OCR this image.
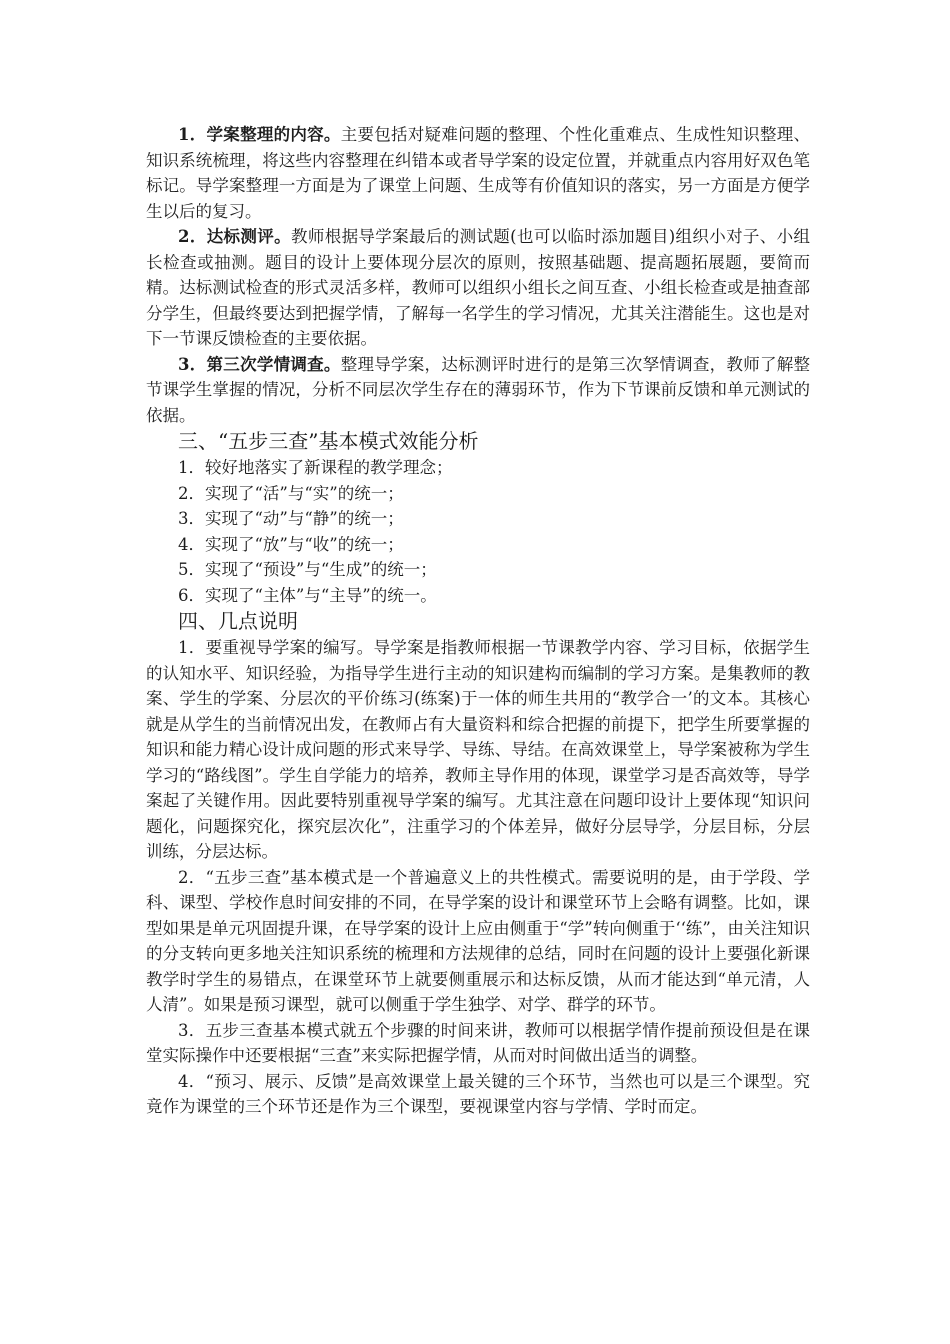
1．学案整理的内容。主要包括对疑难问题的整理、个性化重难点、生成性知识整理、知识系统梳理，将这些内容整理在纠错本或者导学案的设定位置，并就重点内容用好双色笔标记。导学案整理一方面是为了课堂上问题、生成等有价值知识的落实，另一方面是方便学生以后的复习。

2．达标测评。教师根据导学案最后的测试题(也可以临时添加题目)组织小对子、小组长检查或抽测。题目的设计上要体现分层次的原则，按照基础题、提高题拓展题，要简而精。达标测试检查的形式灵活多样，教师可以组织小组长之间互查、小组长检查或是抽查部分学生，但最终要达到把握学情，了解每一名学生的学习情况，尤其关注潜能生。这也是对下一节课反馈检查的主要依据。

3．第三次学情调查。整理导学案，达标测评时进行的是第三次孥情调查，教师了解整节课学生掌握的情况，分析不同层次学生存在的薄弱环节，作为下节课前反馈和单元测试的依据。

三、“五步三查”基本模式效能分析

1．较好地落实了新课程的教学理念；

2．实现了“活”与“实”的统一；

3．实现了“动”与“静”的统一；

4．实现了“放”与“收”的统一；

5．实现了“预设”与“生成”的统一；

6．实现了“主体”与“主导”的统一。

四、几点说明

1．要重视导学案的编写。导学案是指教师根据一节课教学内容、学习目标，依据学生的认知水平、知识经验，为指导学生进行主动的知识建构而编制的学习方案。是集教师的教案、学生的学案、分层次的平价练习(练案)于一体的师生共用的“教学合一’的文本。其核心就是从学生的当前情况出发，在教师占有大量资料和综合把握的前提下，把学生所要掌握的知识和能力精心设计成问题的形式来导学、导练、导结。在高效课堂上，导学案被称为学生学习的“路线图”。学生自学能力的培养，教师主导作用的体现，课堂学习是否高效等，导学案起了关键作用。因此要特别重视导学案的编写。尤其注意在问题印设计上要体现“知识问题化，问题探究化，探究层次化”，注重学习的个体差异，做好分层导学，分层目标，分层训练，分层达标。

2．“五步三查”基本模式是一个普遍意义上的共性模式。需要说明的是，由于学段、学科、课型、学校作息时间安排的不同，在导学案的设计和课堂环节上会略有调整。比如，课型如果是单元巩固提升课，在导学案的设计上应由侧重于“学”转向侧重于‘‘练”，由关注知识的分支转向更多地关注知识系统的梳理和方法规律的总结，同时在问题的设计上要强化新课教学时学生的易错点，在课堂环节上就要侧重展示和达标反馈，从而才能达到“单元清，人人清”。如果是预习课型，就可以侧重于学生独学、对学、群学的环节。

3．五步三查基本模式就五个步骤的时间来讲，教师可以根据学情作提前预设但是在课堂实际操作中还要根据“三查”来实际把握学情，从而对时间做出适当的调整。

4．“预习、展示、反馈”是高效课堂上最关键的三个环节，当然也可以是三个课型。究竟作为课堂的三个环节还是作为三个课型，要视课堂内容与学情、学时而定。
